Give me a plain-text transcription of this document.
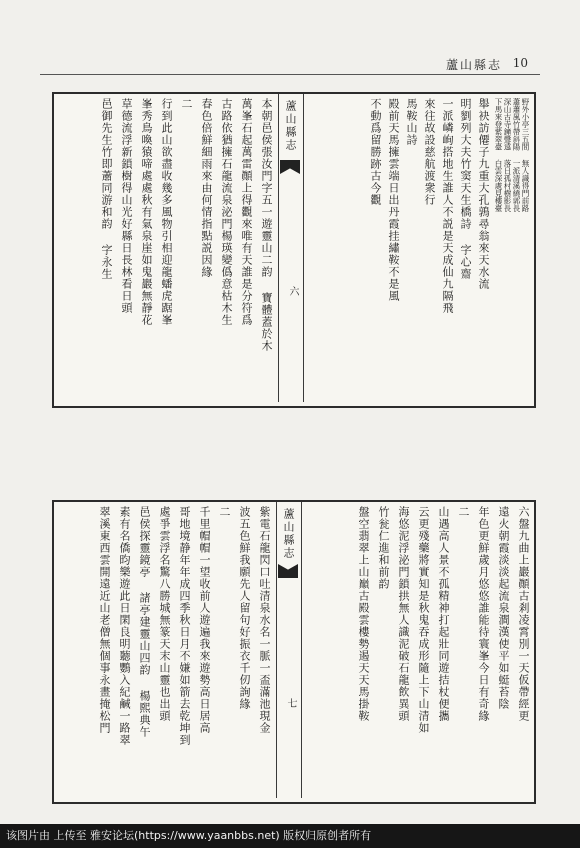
蘆山縣志 10
野外小亭三五間 無人識得門前路
蕭蕭風竹帶斜陽 一派清溪繞郭長
深山古寺鐘聲遠 落日孤村樹影長
下馬來登紫翠臺 白雲深處見樓臺
舉袂訪僊子九重大孔鶉尋翁來天水流
明劉列大夫竹窦天生橋詩 字心齋
一派嶙峋搭地生誰人不説是天成仙九隔飛
來往故設慈航渡衆行
馬鞍山詩
殿前天馬擁雲端日出丹霞挂繡鞍不是風
不動爲留勝跡古今觀
蘆山縣志
六
本朝邑侯張汝門字五一遊靈山二韵 寶體蓋於木
萬峯石起萬雷顚上得觀來唯有天誰是分符爲
古路依猶擁石龍流泉泌門楊瑛變僞意枯木生
春色倍鮮細雨來由何情指點説因緣
二
行到此山欲盡收幾多風物引相迎龍蟠虎踞峯
峯秀鳥喚猿啼處處秋有氣泉崖如鬼巖無靜花
草德流浮新鎖樹得山光好縣日長林看日頭
邑御先生竹即蕭同游和韵 字永生
六盤九曲上巖顚古剎凌霄別一天仮帶經更
遠火朝霞淡淡起流泉澗漢使平如蜓苔陰
年色更鮮歲月悠悠誰能待寰峯今日有奇緣
二
山遇高人景不孤精神打起壯同遊拮杖便攜
云更殘藥將實知是秋鬼吞成形隨上下山清如
海悠泥浮泌門鎖拱無人識泥破石龍飲異頭
竹瓮仁進和前韵
盤空翡翠上山巔古殿雲樓勢遏天天馬掛鞍
蘆山縣志
七
紫電石龍閃口吐清泉水名一脈一盃滿池現金
波五色鮮我願先人留句好振衣千仞詢緣
二
千里帽帽一望收前人遊遍我來遊勢高日居高
哥地境静年年成四季秋日月不嫌如箭去乾坤到
處爭雲浮名驚八勝城無篆天末山靈也出頭
邑侯探靈鏡亭 諸亭建靈山四韵 楊熙典午
素有名僑昀樂遊此日閑良明聽鸚入紀鹹一路翠
翠溪東西雲開遠近山老僧無個事永畫掩松門
该图片由 上传至 雅安论坛(https://www.yaanbbs.net) 版权归原创者所有
